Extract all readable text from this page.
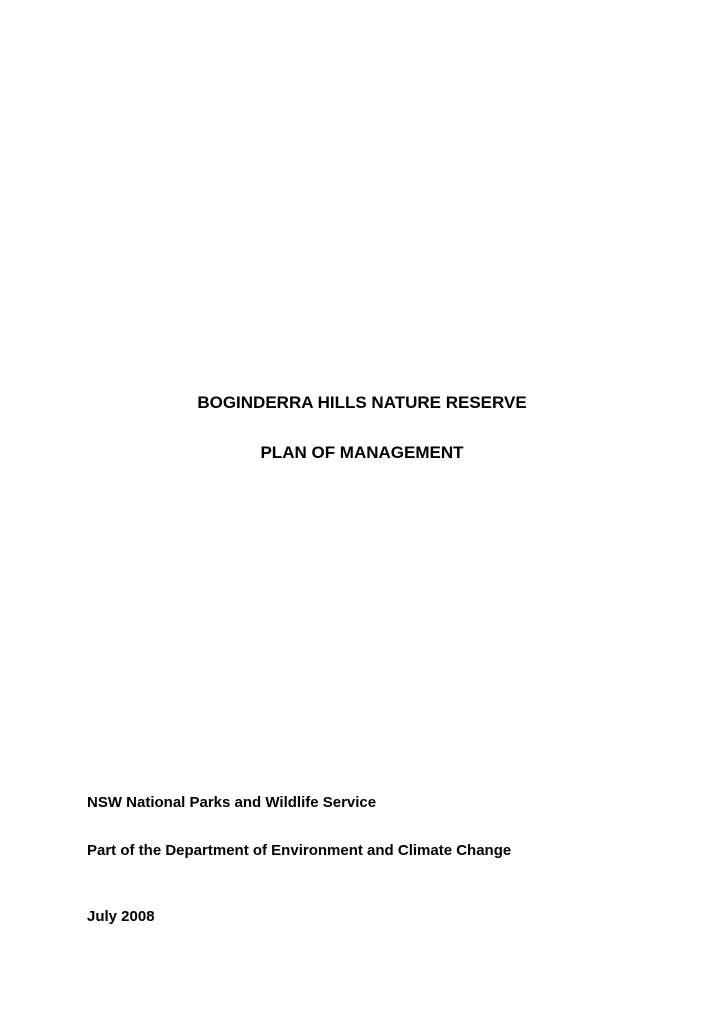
BOGINDERRA HILLS NATURE RESERVE
PLAN OF MANAGEMENT

NSW National Parks and Wildlife Service

Part of the Department of Environment and Climate Change

July 2008
